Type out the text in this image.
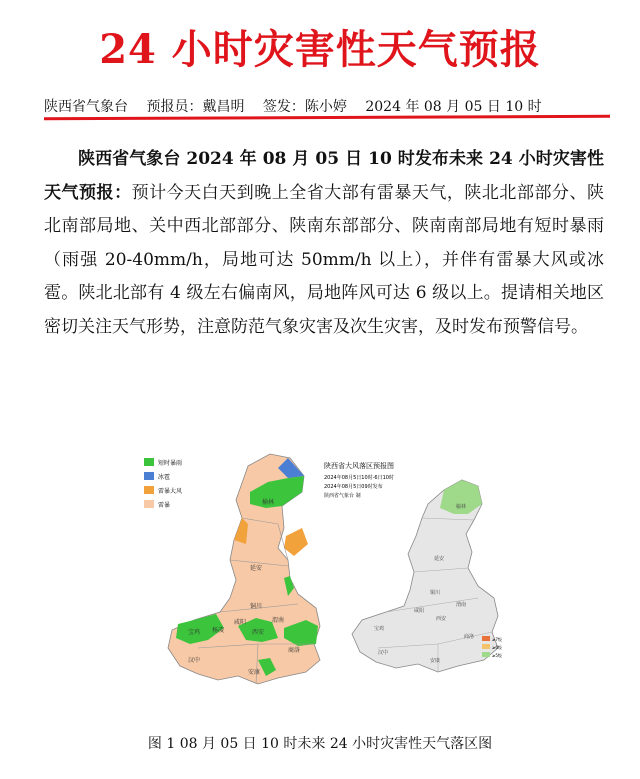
24 小时灾害性天气预报
陕西省气象台 预报员：戴昌明 签发：陈小婷 2024 年 08 月 05 日 10 时

陕西省气象台 2024 年 08 月 05 日 10 时发布未来 24 小时灾害性天气预报：预计今天白天到晚上全省大部有雷暴天气，陕北北部部分、陕北南部局地、关中西北部部分、陕南东部部分、陕南南部局地有短时暴雨（雨强 20-40mm/h，局地可达 50mm/h 以上），并伴有雷暴大风或冰雹。陕北北部有 4 级左右偏南风，局地阵风可达 6 级以上。提请相关地区密切关注天气形势，注意防范气象灾害及次生灾害，及时发布预警信号。

短时暴雨
冰雹
雷暴大风
雷暴	榆林
延安
宝鸡 杨凌
铜川
咸阳	渭南
西安
商洛
汉中
安康
陕西省大风落区预报图
2024年08月5日10时-6日10时
2024年08月5日09时发布
陕西省气象台 制
≥7级
≥6级
≥5级
榆林
延安
宝鸡
铜川
咸阳
渭南
西安
汉中
安康
商洛
图 1 08 月 05 日 10 时未来 24 小时灾害性天气落区图
